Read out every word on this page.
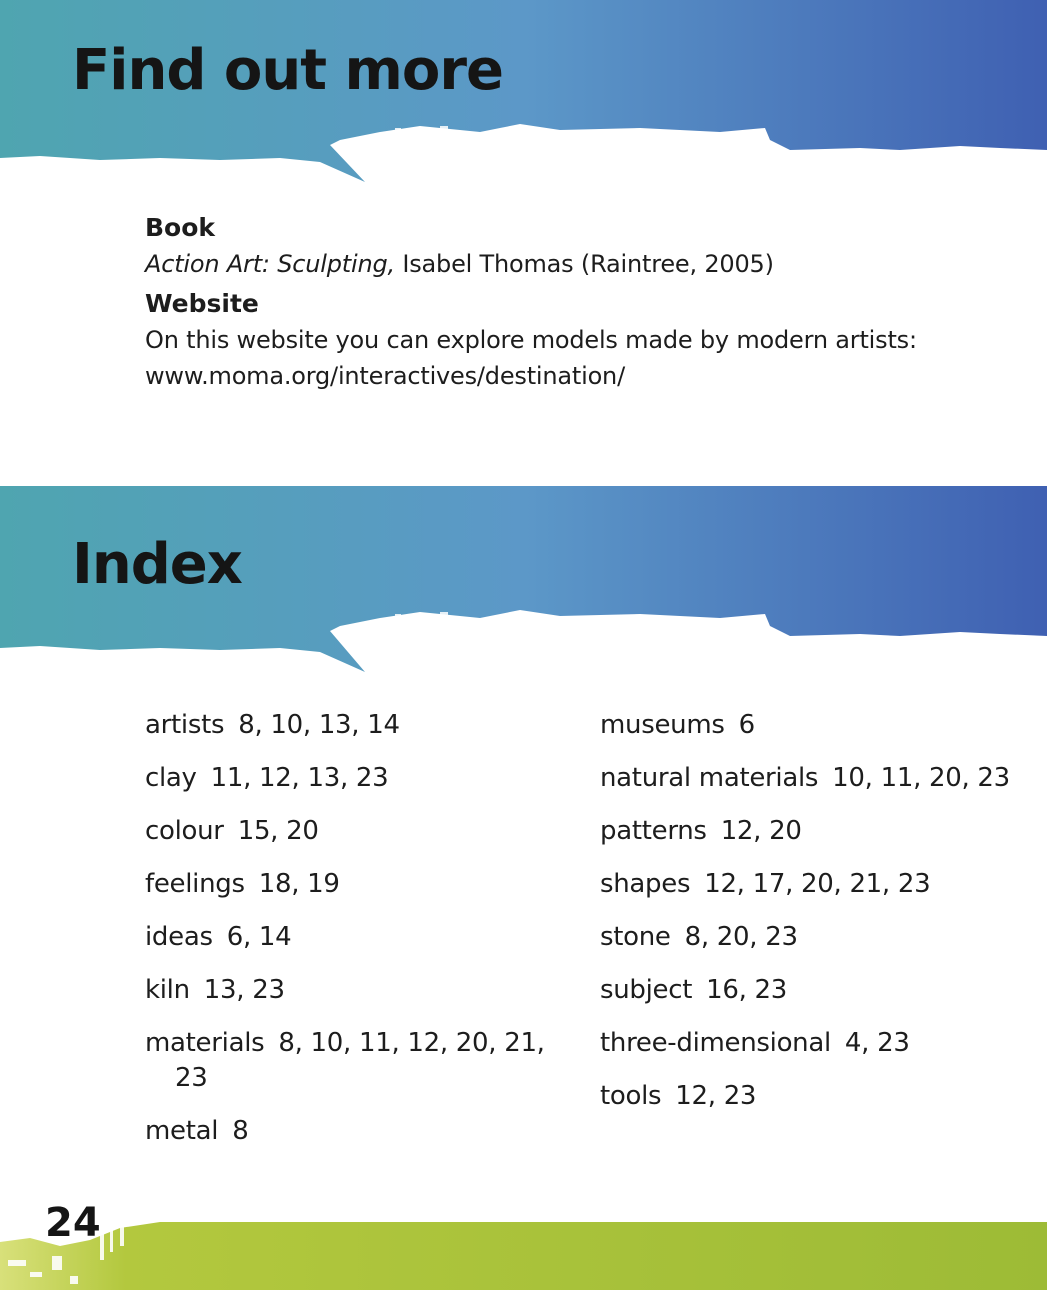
Find out more

Book

Action Art: Sculpting, Isabel Thomas (Raintree, 2005)

Website

On this website you can explore models made by modern artists:

www.moma.org/interactives/destination/

Index
artists 8, 10, 13, 14
clay 11, 12, 13, 23
colour 15, 20
feelings 18, 19
ideas 6, 14
kiln 13, 23
materials 8, 10, 11, 12, 20, 21, 23
metal 8
museums 6
natural materials 10, 11, 20, 23
patterns 12, 20
shapes 12, 17, 20, 21, 23
stone 8, 20, 23
subject 16, 23
three-dimensional 4, 23
tools 12, 23

24
